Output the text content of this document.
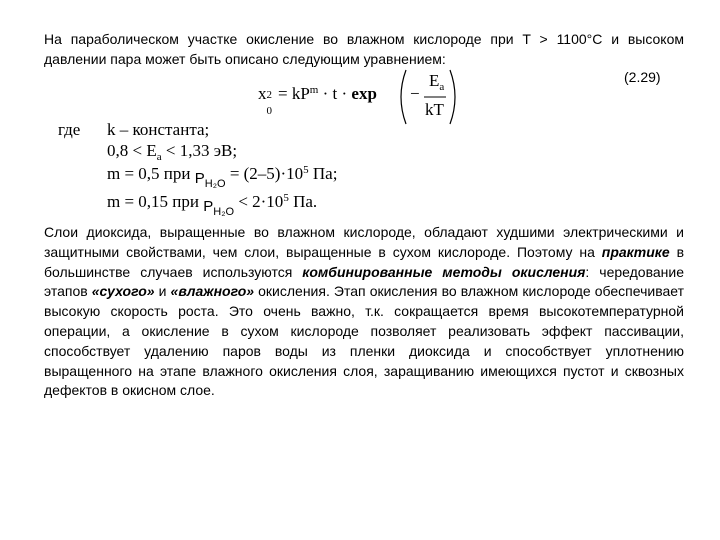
На параболическом участке окисление во влажном кислороде при T > 1100°C и высоком давлении пара может быть описано следующим уравнением:
(2.29)
x 2
0
= $kP^m \cdot t \cdot \exp$ −
$E_a$
kT
где k – константа;
$0,8 < E_a < 1,33$ эВ;
m = 0,5 при $P_{H_2O} = (2-5)\cdot 10^5$ Па;
m = 0,15 при $P_{H_2O} < 2\cdot 10^5$ Па.
Слои диоксида, выращенные во влажном кислороде, обладают худшими электрическими и защитными свойствами, чем слои, выращенные в сухом кислороде. Поэтому на практике в большинстве случаев используются комбинированные методы окисления: чередование этапов «сухого» и «влажного» окисления. Этап окисления во влажном кислороде обеспечивает высокую скорость роста. Это очень важно, т.к. сокращается время высокотемпературной операции, а окисление в сухом кислороде позволяет реализовать эффект пассивации, способствует удалению паров воды из пленки диоксида и способствует уплотнению выращенного на этапе влажного окисления слоя, заращиванию имеющихся пустот и сквозных дефектов в окисном слое.
